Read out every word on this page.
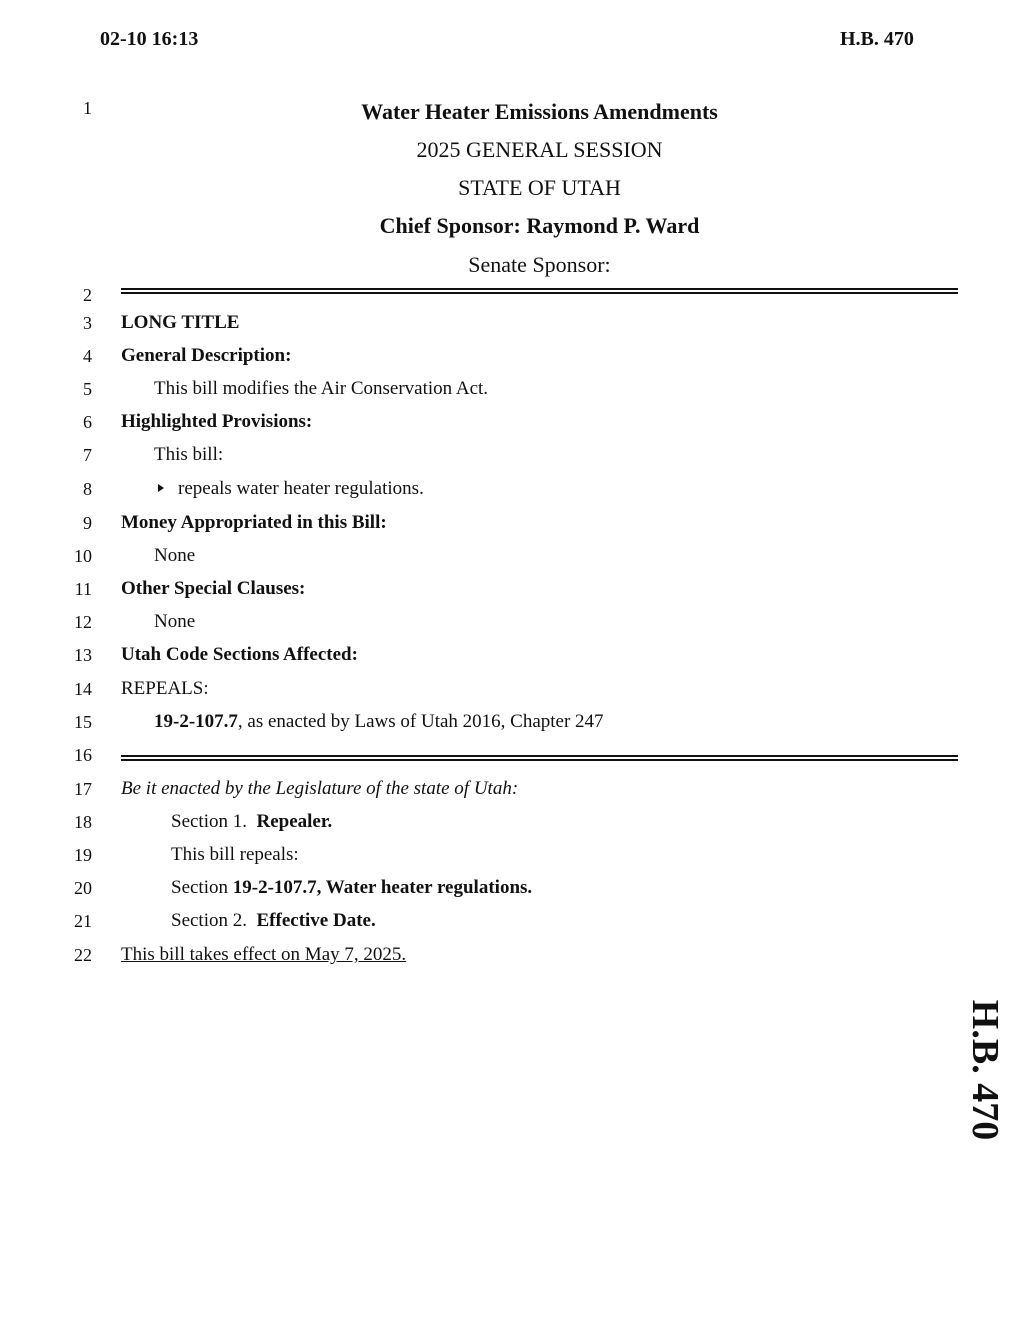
02-10 16:13	H.B. 470
1
2
3
4
5
6
7
8
9
10
11
12
13
14
15
16
17
18
19
20
21
22
Water Heater Emissions Amendments
2025 GENERAL SESSION
STATE OF UTAH
Chief Sponsor: Raymond P. Ward
Senate Sponsor:
LONG TITLE
General Description:
This bill modifies the Air Conservation Act.
Highlighted Provisions:
This bill:
repeals water heater regulations.
Money Appropriated in this Bill:
None
Other Special Clauses:
None
Utah Code Sections Affected:
REPEALS:
19-2-107.7, as enacted by Laws of Utah 2016, Chapter 247
Be it enacted by the Legislature of the state of Utah:
Section 1. Repealer.
This bill repeals:
Section 19-2-107.7, Water heater regulations.
Section 2. Effective Date.
This bill takes effect on May 7, 2025.
H.B. 470
